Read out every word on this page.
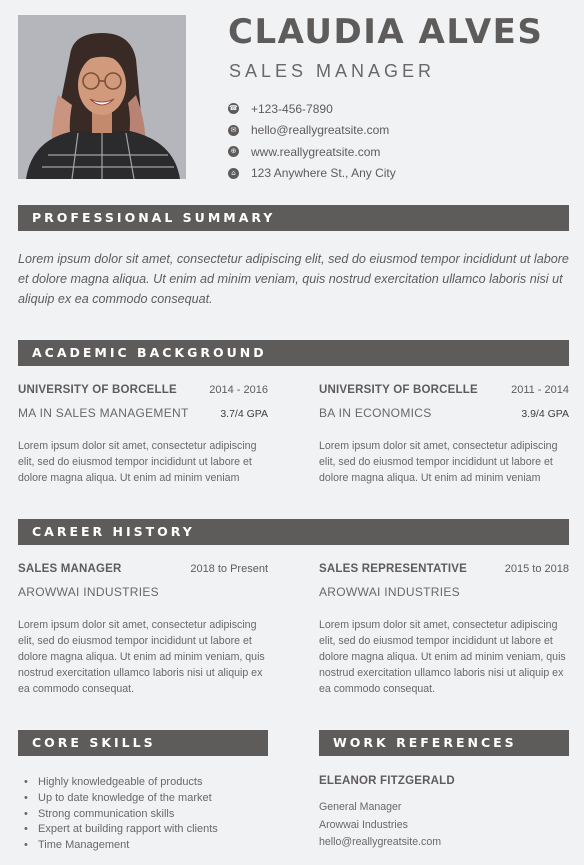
CLAUDIA ALVES
SALES MANAGER
☎ +123-456-7890
✉ hello@reallygreatsite.com
⊕ www.reallygreatsite.com
⌂ 123 Anywhere St., Any City
PROFESSIONAL SUMMARY

Lorem ipsum dolor sit amet, consectetur adipiscing elit, sed do eiusmod tempor incididunt ut labore et dolore magna aliqua. Ut enim ad minim veniam, quis nostrud exercitation ullamco laboris nisi ut aliquip ex ea commodo consequat.

ACADEMIC BACKGROUND
UNIVERSITY OF BORCELLE	2014 - 2016
MA IN SALES MANAGEMENT	3.7/4 GPA

Lorem ipsum dolor sit amet, consectetur adipiscing elit, sed do eiusmod tempor incididunt ut labore et dolore magna aliqua. Ut enim ad minim veniam

UNIVERSITY OF BORCELLE	2011 - 2014
BA IN ECONOMICS	3.9/4 GPA

Lorem ipsum dolor sit amet, consectetur adipiscing elit, sed do eiusmod tempor incididunt ut labore et dolore magna aliqua. Ut enim ad minim veniam

CAREER HISTORY
SALES MANAGER	2018 to Present
AROWWAI INDUSTRIES

Lorem ipsum dolor sit amet, consectetur adipiscing elit, sed do eiusmod tempor incididunt ut labore et dolore magna aliqua. Ut enim ad minim veniam, quis nostrud exercitation ullamco laboris nisi ut aliquip ex ea commodo consequat.

SALES REPRESENTATIVE	2015 to 2018
AROWWAI INDUSTRIES

Lorem ipsum dolor sit amet, consectetur adipiscing elit, sed do eiusmod tempor incididunt ut labore et dolore magna aliqua. Ut enim ad minim veniam, quis nostrud exercitation ullamco laboris nisi ut aliquip ex ea commodo consequat.

CORE SKILLS
• Highly knowledgeable of products
• Up to date knowledge of the market
• Strong communication skills
• Expert at building rapport with clients
• Time Management
WORK REFERENCES
ELEANOR FITZGERALD
General Manager
Arowwai Industries
hello@reallygreatsite.com
